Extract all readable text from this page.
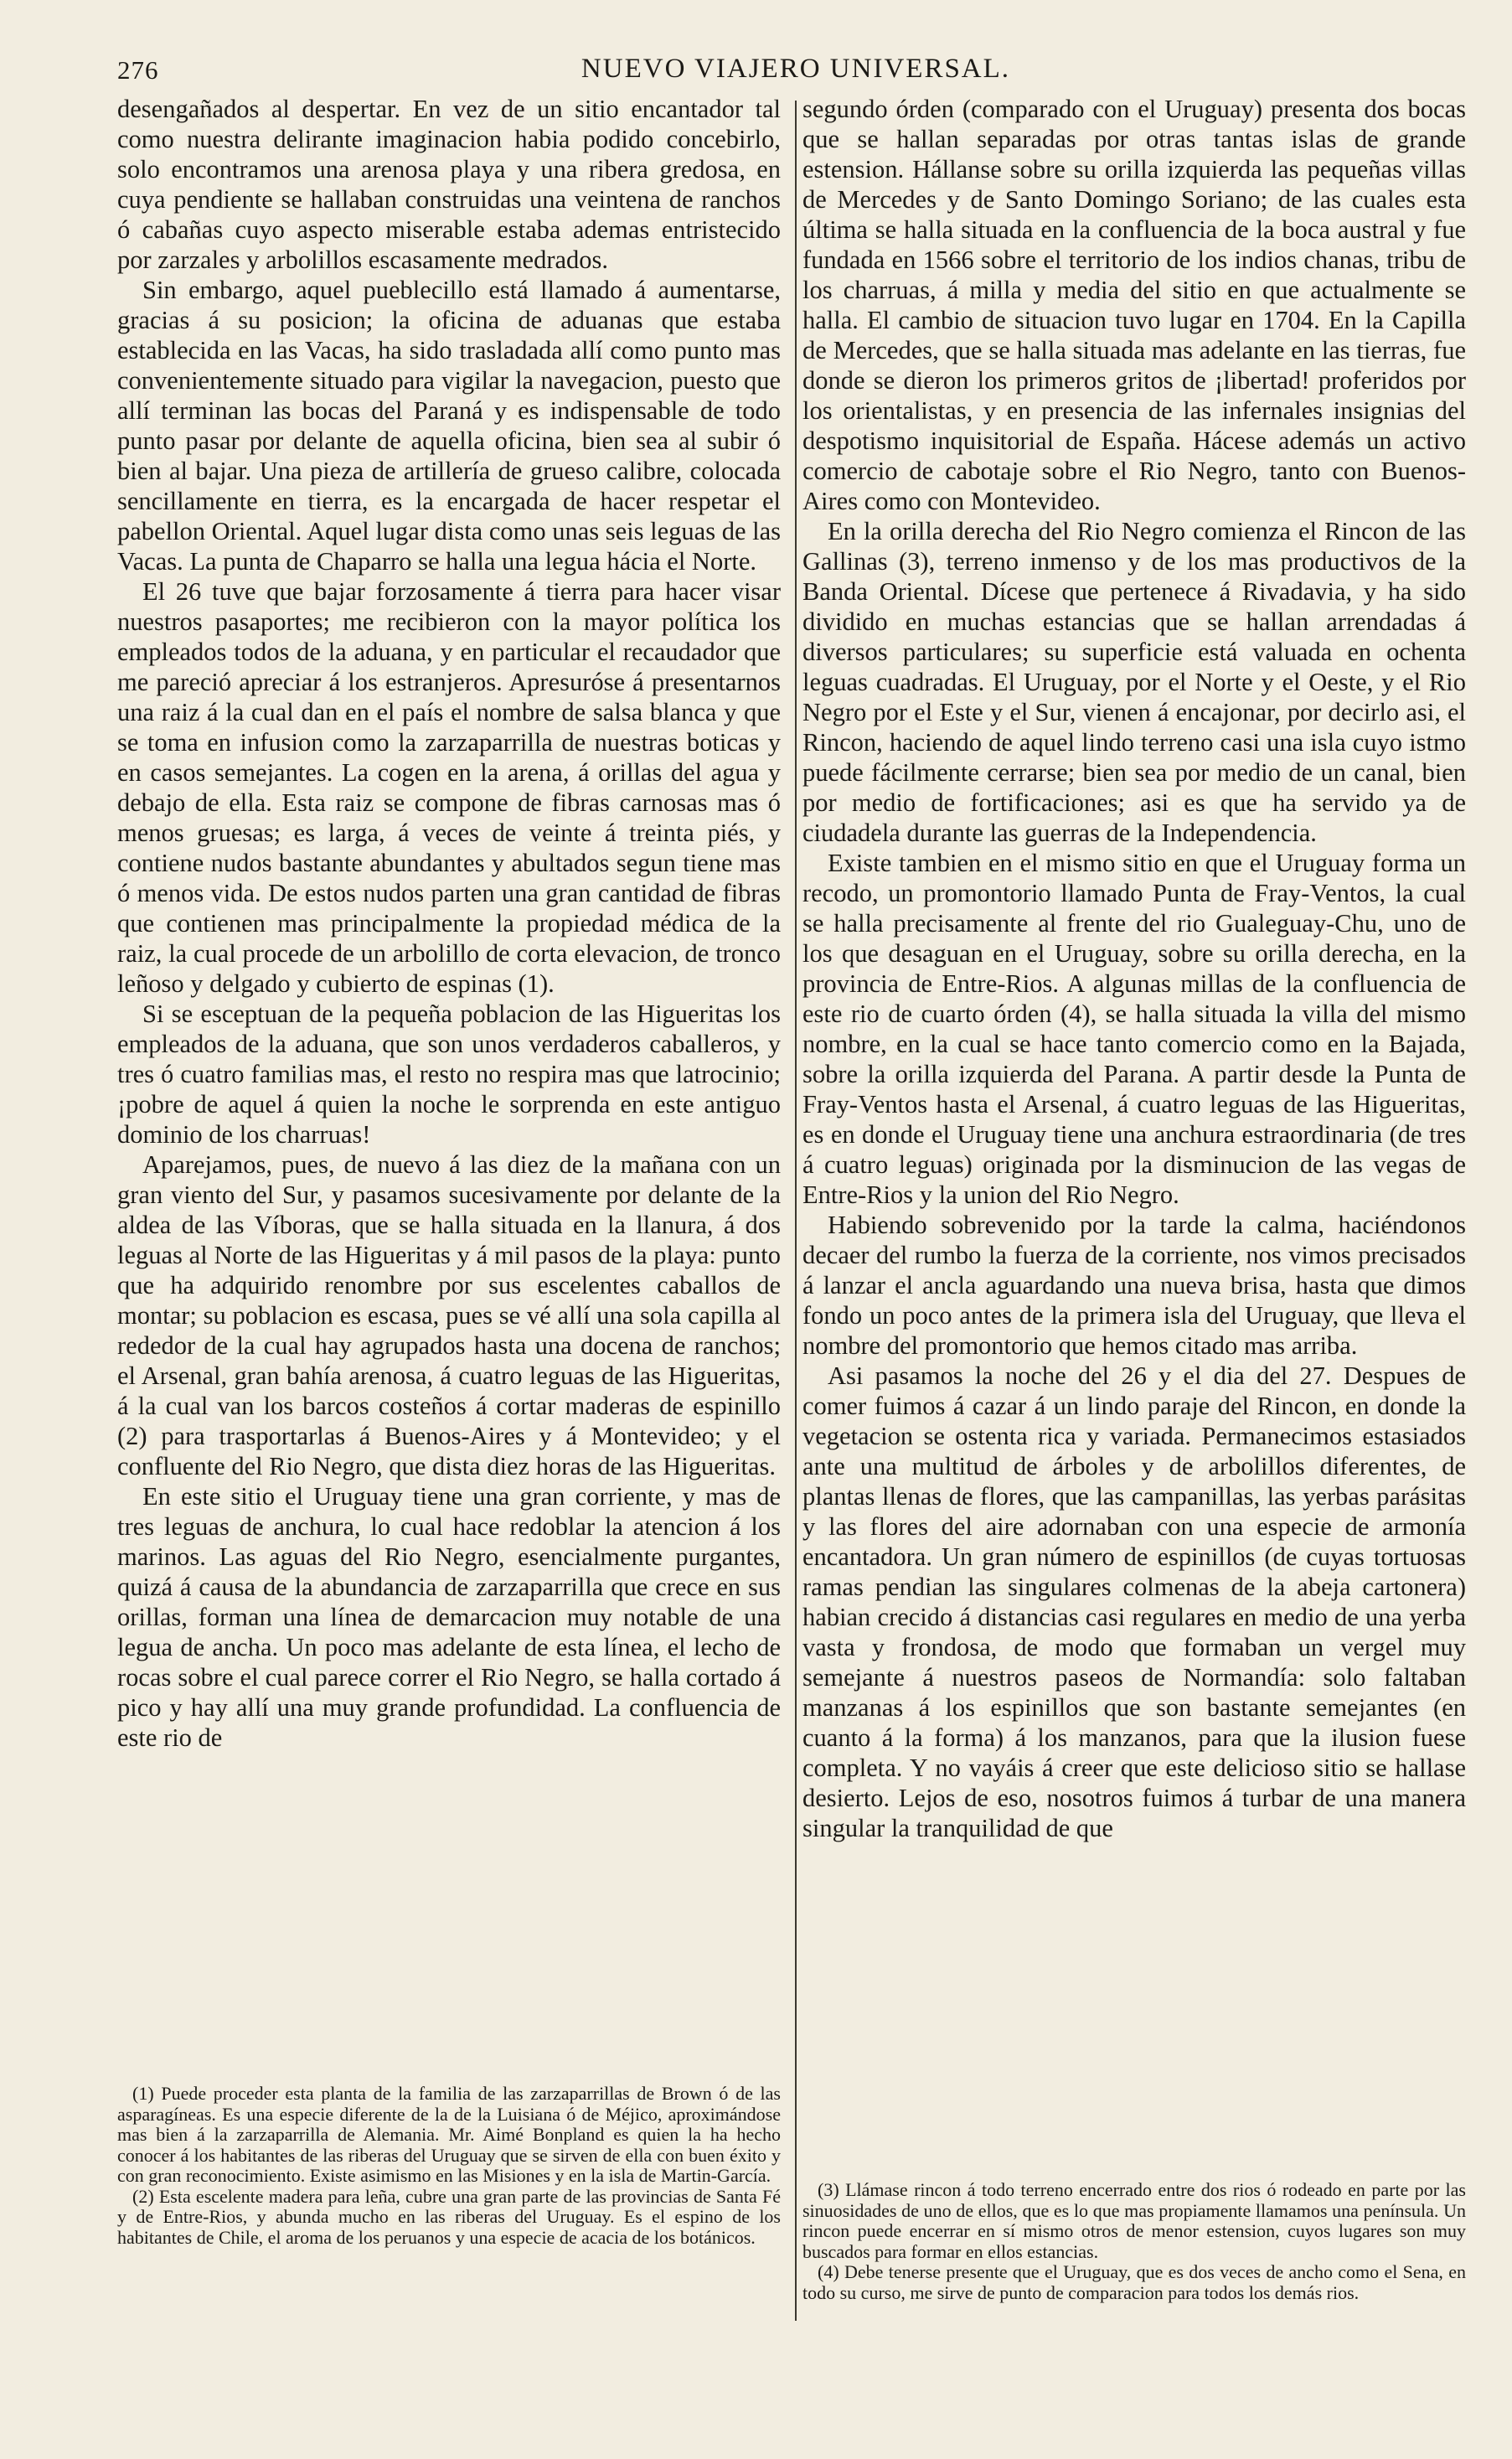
276	NUEVO VIAJERO UNIVERSAL.

desengañados al despertar. En vez de un sitio encantador tal como nuestra delirante imaginacion habia podido concebirlo, solo encontramos una arenosa playa y una ribera gredosa, en cuya pendiente se hallaban construidas una veintena de ranchos ó cabañas cuyo aspecto miserable estaba ademas entristecido por zarzales y arbolillos escasamente medrados.

Sin embargo, aquel pueblecillo está llamado á aumentarse, gracias á su posicion; la oficina de aduanas que estaba establecida en las Vacas, ha sido trasladada allí como punto mas convenientemente situado para vigilar la navegacion, puesto que allí terminan las bocas del Paraná y es indispensable de todo punto pasar por delante de aquella oficina, bien sea al subir ó bien al bajar. Una pieza de artillería de grueso calibre, colocada sencillamente en tierra, es la encargada de hacer respetar el pabellon Oriental. Aquel lugar dista como unas seis leguas de las Vacas. La punta de Chaparro se halla una legua hácia el Norte.

El 26 tuve que bajar forzosamente á tierra para hacer visar nuestros pasaportes; me recibieron con la mayor política los empleados todos de la aduana, y en particular el recaudador que me pareció apreciar á los estranjeros. Apresuróse á presentarnos una raiz á la cual dan en el país el nombre de salsa blanca y que se toma en infusion como la zarzaparrilla de nuestras boticas y en casos semejantes. La cogen en la arena, á orillas del agua y debajo de ella. Esta raiz se compone de fibras carnosas mas ó menos gruesas; es larga, á veces de veinte á treinta piés, y contiene nudos bastante abundantes y abultados segun tiene mas ó menos vida. De estos nudos parten una gran cantidad de fibras que contienen mas principalmente la propiedad médica de la raiz, la cual procede de un arbolillo de corta elevacion, de tronco leñoso y delgado y cubierto de espinas (1).

Si se esceptuan de la pequeña poblacion de las Higueritas los empleados de la aduana, que son unos verdaderos caballeros, y tres ó cuatro familias mas, el resto no respira mas que latrocinio; ¡pobre de aquel á quien la noche le sorprenda en este antiguo dominio de los charruas!

Aparejamos, pues, de nuevo á las diez de la mañana con un gran viento del Sur, y pasamos sucesivamente por delante de la aldea de las Víboras, que se halla situada en la llanura, á dos leguas al Norte de las Higueritas y á mil pasos de la playa: punto que ha adquirido renombre por sus escelentes caballos de montar; su poblacion es escasa, pues se vé allí una sola capilla al rededor de la cual hay agrupados hasta una docena de ranchos; el Arsenal, gran bahía arenosa, á cuatro leguas de las Higueritas, á la cual van los barcos costeños á cortar maderas de espinillo (2) para trasportarlas á Buenos-Aires y á Montevideo; y el confluente del Rio Negro, que dista diez horas de las Higueritas.

En este sitio el Uruguay tiene una gran corriente, y mas de tres leguas de anchura, lo cual hace redoblar la atencion á los marinos. Las aguas del Rio Negro, esencialmente purgantes, quizá á causa de la abundancia de zarzaparrilla que crece en sus orillas, forman una línea de demarcacion muy notable de una legua de ancha. Un poco mas adelante de esta línea, el lecho de rocas sobre el cual parece correr el Rio Negro, se halla cortado á pico y hay allí una muy grande profundidad. La confluencia de este rio de

(1) Puede proceder esta planta de la familia de las zarzaparrillas de Brown ó de las asparagíneas. Es una especie diferente de la de la Luisiana ó de Méjico, aproximándose mas bien á la zarzaparrilla de Alemania. Mr. Aimé Bonpland es quien la ha hecho conocer á los habitantes de las riberas del Uruguay que se sirven de ella con buen éxito y con gran reconocimiento. Existe asimismo en las Misiones y en la isla de Martin-García.

(2) Esta escelente madera para leña, cubre una gran parte de las provincias de Santa Fé y de Entre-Rios, y abunda mucho en las riberas del Uruguay. Es el espino de los habitantes de Chile, el aroma de los peruanos y una especie de acacia de los botánicos.

segundo órden (comparado con el Uruguay) presenta dos bocas que se hallan separadas por otras tantas islas de grande estension. Hállanse sobre su orilla izquierda las pequeñas villas de Mercedes y de Santo Domingo Soriano; de las cuales esta última se halla situada en la confluencia de la boca austral y fue fundada en 1566 sobre el territorio de los indios chanas, tribu de los charruas, á milla y media del sitio en que actualmente se halla. El cambio de situacion tuvo lugar en 1704. En la Capilla de Mercedes, que se halla situada mas adelante en las tierras, fue donde se dieron los primeros gritos de ¡libertad! proferidos por los orientalistas, y en presencia de las infernales insignias del despotismo inquisitorial de España. Hácese además un activo comercio de cabotaje sobre el Rio Negro, tanto con Buenos-Aires como con Montevideo.

En la orilla derecha del Rio Negro comienza el Rincon de las Gallinas (3), terreno inmenso y de los mas productivos de la Banda Oriental. Dícese que pertenece á Rivadavia, y ha sido dividido en muchas estancias que se hallan arrendadas á diversos particulares; su superficie está valuada en ochenta leguas cuadradas. El Uruguay, por el Norte y el Oeste, y el Rio Negro por el Este y el Sur, vienen á encajonar, por decirlo asi, el Rincon, haciendo de aquel lindo terreno casi una isla cuyo istmo puede fácilmente cerrarse; bien sea por medio de un canal, bien por medio de fortificaciones; asi es que ha servido ya de ciudadela durante las guerras de la Independencia.

Existe tambien en el mismo sitio en que el Uruguay forma un recodo, un promontorio llamado Punta de Fray-Ventos, la cual se halla precisamente al frente del rio Gualeguay-Chu, uno de los que desaguan en el Uruguay, sobre su orilla derecha, en la provincia de Entre-Rios. A algunas millas de la confluencia de este rio de cuarto órden (4), se halla situada la villa del mismo nombre, en la cual se hace tanto comercio como en la Bajada, sobre la orilla izquierda del Parana. A partir desde la Punta de Fray-Ventos hasta el Arsenal, á cuatro leguas de las Higueritas, es en donde el Uruguay tiene una anchura estraordinaria (de tres á cuatro leguas) originada por la disminucion de las vegas de Entre-Rios y la union del Rio Negro.

Habiendo sobrevenido por la tarde la calma, haciéndonos decaer del rumbo la fuerza de la corriente, nos vimos precisados á lanzar el ancla aguardando una nueva brisa, hasta que dimos fondo un poco antes de la primera isla del Uruguay, que lleva el nombre del promontorio que hemos citado mas arriba.

Asi pasamos la noche del 26 y el dia del 27. Despues de comer fuimos á cazar á un lindo paraje del Rincon, en donde la vegetacion se ostenta rica y variada. Permanecimos estasiados ante una multitud de árboles y de arbolillos diferentes, de plantas llenas de flores, que las campanillas, las yerbas parásitas y las flores del aire adornaban con una especie de armonía encantadora. Un gran número de espinillos (de cuyas tortuosas ramas pendian las singulares colmenas de la abeja cartonera) habian crecido á distancias casi regulares en medio de una yerba vasta y frondosa, de modo que formaban un vergel muy semejante á nuestros paseos de Normandía: solo faltaban manzanas á los espinillos que son bastante semejantes (en cuanto á la forma) á los manzanos, para que la ilusion fuese completa. Y no vayáis á creer que este delicioso sitio se hallase desierto. Lejos de eso, nosotros fuimos á turbar de una manera singular la tranquilidad de que

(3) Llámase rincon á todo terreno encerrado entre dos rios ó rodeado en parte por las sinuosidades de uno de ellos, que es lo que mas propiamente llamamos una península. Un rincon puede encerrar en sí mismo otros de menor estension, cuyos lugares son muy buscados para formar en ellos estancias.

(4) Debe tenerse presente que el Uruguay, que es dos veces de ancho como el Sena, en todo su curso, me sirve de punto de comparacion para todos los demás rios.
